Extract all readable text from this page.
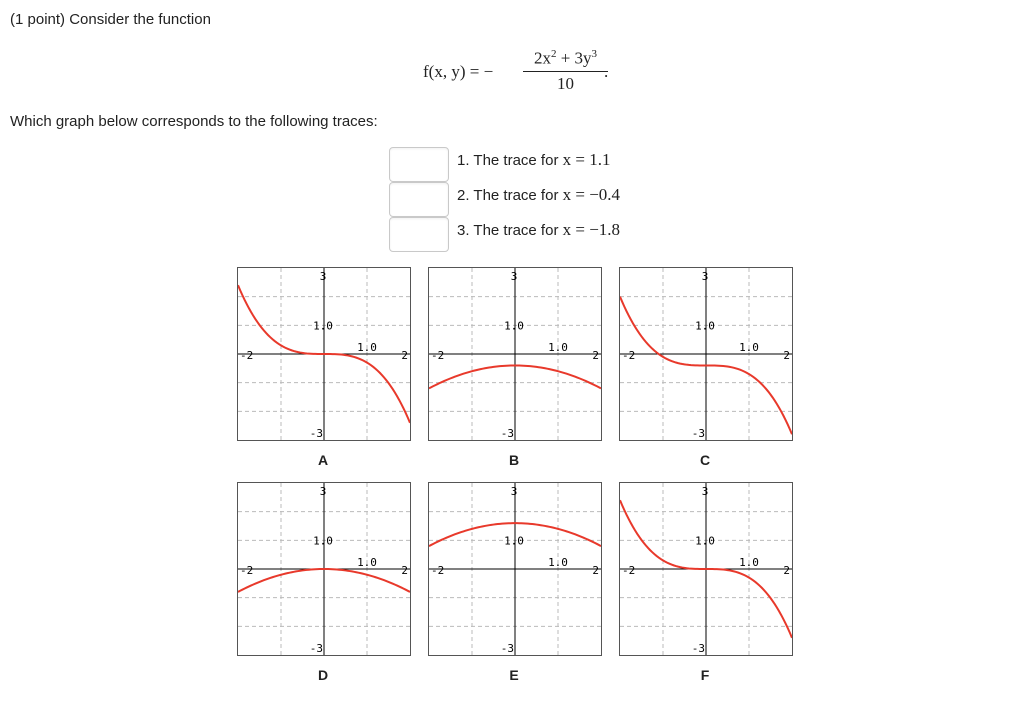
(1 point) Consider the function
f(x, y) = −
$2x^2 + 3y^3$
10
.
Which graph below corresponds to the following traces:
1. The trace for x = 1.1
2. The trace for x = −0.4
3. The trace for x = −1.8
-2	2
1.0
3
1.0
-3
-2	2
1.0
3
1.0
-3
-2	2
1.0
3
1.0
-3
-2	2
1.0
3
1.0
-3
-2	2
1.0
3
1.0
-3
-2	2
1.0
3
1.0
-3
A	B	C
D	E	F
